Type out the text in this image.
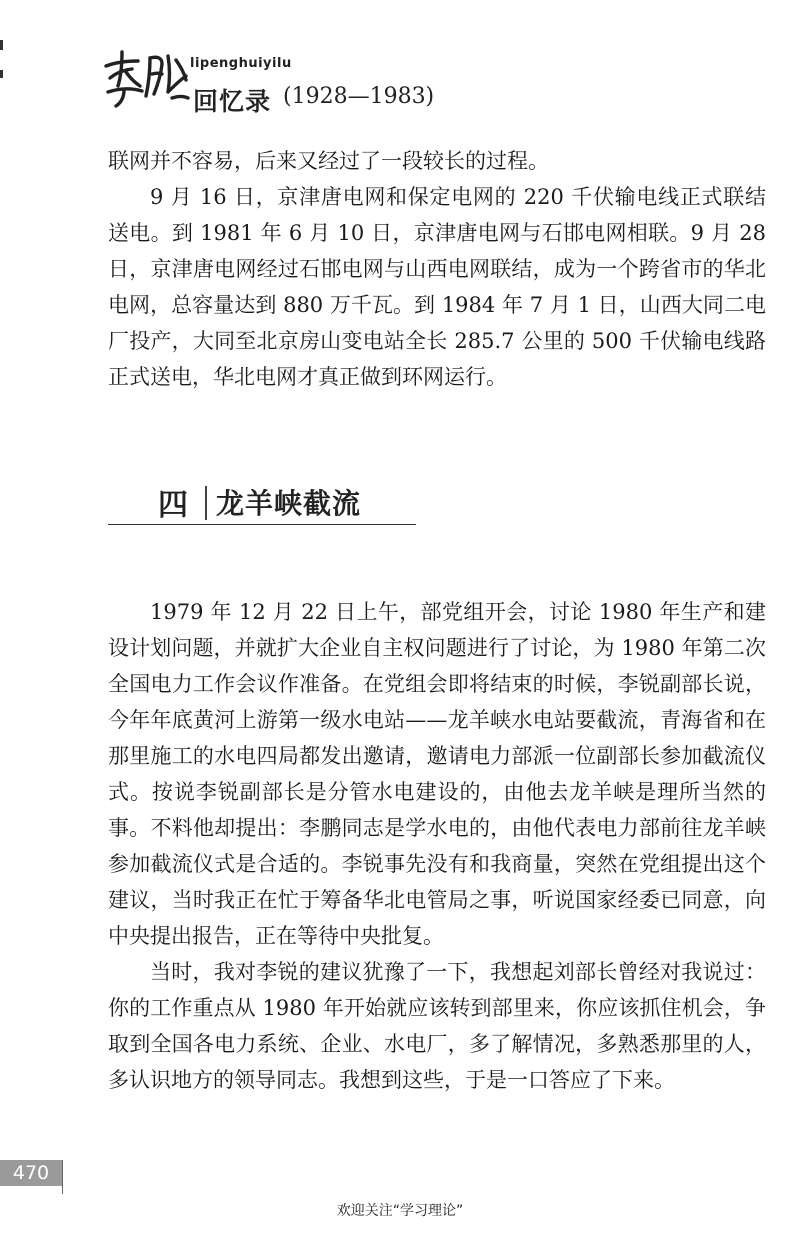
lipenghuiyilu
回忆录 (1928—1983)

联网并不容易，后来又经过了一段较长的过程。

9 月 16 日，京津唐电网和保定电网的 220 千伏输电线正式联结送电。到 1981 年 6 月 10 日，京津唐电网与石邯电网相联。9 月 28 日，京津唐电网经过石邯电网与山西电网联结，成为一个跨省市的华北电网，总容量达到 880 万千瓦。到 1984 年 7 月 1 日，山西大同二电厂投产，大同至北京房山变电站全长 285.7 公里的 500 千伏输电线路正式送电，华北电网才真正做到环网运行。

四 龙羊峡截流

1979 年 12 月 22 日上午，部党组开会，讨论 1980 年生产和建设计划问题，并就扩大企业自主权问题进行了讨论，为 1980 年第二次全国电力工作会议作准备。在党组会即将结束的时候，李锐副部长说，今年年底黄河上游第一级水电站——龙羊峡水电站要截流，青海省和在那里施工的水电四局都发出邀请，邀请电力部派一位副部长参加截流仪式。按说李锐副部长是分管水电建设的，由他去龙羊峡是理所当然的事。不料他却提出：李鹏同志是学水电的，由他代表电力部前往龙羊峡参加截流仪式是合适的。李锐事先没有和我商量，突然在党组提出这个建议，当时我正在忙于筹备华北电管局之事，听说国家经委已同意，向中央提出报告，正在等待中央批复。

当时，我对李锐的建议犹豫了一下，我想起刘部长曾经对我说过：你的工作重点从 1980 年开始就应该转到部里来，你应该抓住机会，争取到全国各电力系统、企业、水电厂，多了解情况，多熟悉那里的人，多认识地方的领导同志。我想到这些，于是一口答应了下来。

470
欢迎关注“学习理论”
